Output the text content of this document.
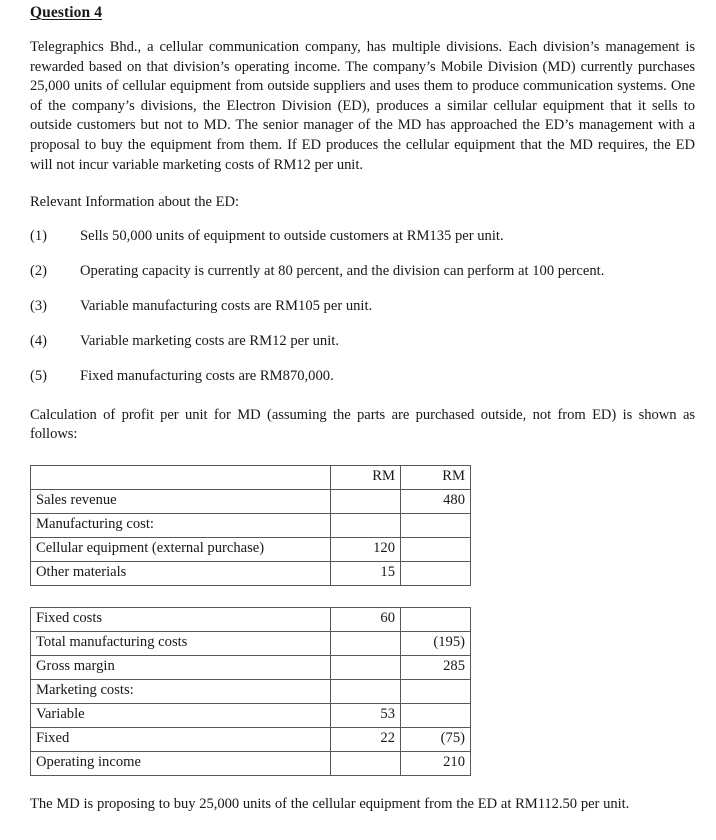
Question 4

Telegraphics Bhd., a cellular communication company, has multiple divisions. Each division’s management is rewarded based on that division’s operating income. The company’s Mobile Division (MD) currently purchases 25,000 units of cellular equipment from outside suppliers and uses them to produce communication systems. One of the company’s divisions, the Electron Division (ED), produces a similar cellular equipment that it sells to outside customers but not to MD. The senior manager of the MD has approached the ED’s management with a proposal to buy the equipment from them. If ED produces the cellular equipment that the MD requires, the ED will not incur variable marketing costs of RM12 per unit.

Relevant Information about the ED:

(1)	Sells 50,000 units of equipment to outside customers at RM135 per unit.
(2)	Operating capacity is currently at 80 percent, and the division can perform at 100 percent.
(3)	Variable manufacturing costs are RM105 per unit.
(4)	Variable marketing costs are RM12 per unit.
(5)	Fixed manufacturing costs are RM870,000.

Calculation of profit per unit for MD (assuming the parts are purchased outside, not from ED) is shown as follows:

	RM	RM
Sales revenue		480
Manufacturing cost:		
Cellular equipment (external purchase)	120	
Other materials	15	
Fixed costs	60	
Total manufacturing costs		(195)
Gross margin		285
Marketing costs:		
Variable	53	
Fixed	22	(75)
Operating income		210

The MD is proposing to buy 25,000 units of the cellular equipment from the ED at RM112.50 per unit.
